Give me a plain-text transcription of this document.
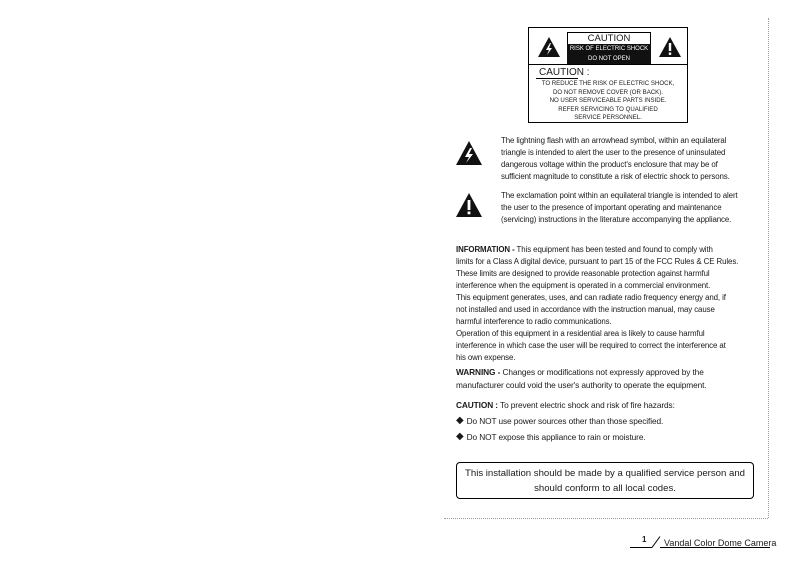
CAUTION
RISK OF ELECTRIC SHOCK
DO NOT OPEN
CAUTION :
TO REDUCE THE RISK OF ELECTRIC SHOCK,
DO NOT REMOVE COVER (OR BACK).
NO USER SERVICEABLE PARTS INSIDE.
REFER SERVICING TO QUALIFIED
SERVICE PERSONNEL.
The lightning flash with an arrowhead symbol, within an equilateral
triangle is intended to alert the user to the presence of uninsulated
dangerous voltage within the product's enclosure that may be of
sufficient magnitude to constitute a risk of electric shock to persons.
The exclamation point within an equilateral triangle is intended to alert
the user to the presence of important operating and maintenance
(servicing) instructions in the literature accompanying the appliance.
INFORMATION - This equipment has been tested and found to comply with
limits for a Class A digital device, pursuant to part 15 of the FCC Rules & CE Rules.
These limits are designed to provide reasonable protection against harmful
interference when the equipment is operated in a commercial environment.
This equipment generates, uses, and can radiate radio frequency energy and, if
not installed and used in accordance with the instruction manual, may cause
harmful interference to radio communications.
Operation of this equipment in a residential area is likely to cause harmful
interference in which case the user will be required to correct the interference at
his own expense.
WARNING - Changes or modifications not expressly approved by the
manufacturer could void the user's authority to operate the equipment.
CAUTION : To prevent electric shock and risk of fire hazards:
◆ Do NOT use power sources other than those specified.
◆ Do NOT expose this appliance to rain or moisture.
This installation should be made by a qualified service person and
should conform to all local codes.
1 Vandal Color Dome Camera
